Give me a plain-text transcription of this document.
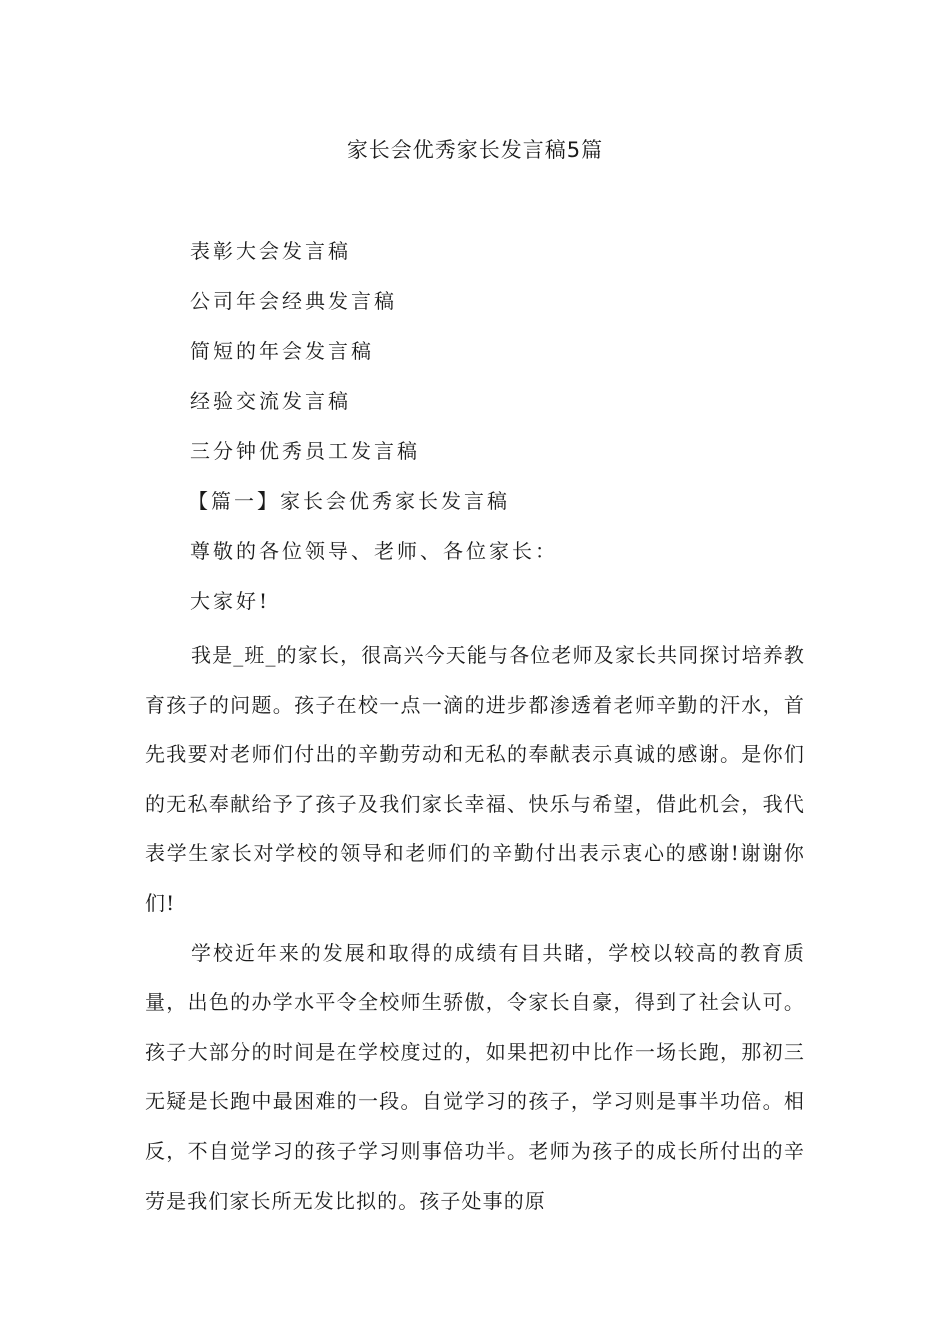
家长会优秀家长发言稿5篇
表彰大会发言稿
公司年会经典发言稿
简短的年会发言稿
经验交流发言稿
三分钟优秀员工发言稿
【篇一】家长会优秀家长发言稿
尊敬的各位领导、老师、各位家长：
大家好!

我是_班_的家长，很高兴今天能与各位老师及家长共同探讨培养教育孩子的问题。孩子在校一点一滴的进步都渗透着老师辛勤的汗水，首先我要对老师们付出的辛勤劳动和无私的奉献表示真诚的感谢。是你们的无私奉献给予了孩子及我们家长幸福、快乐与希望，借此机会，我代表学生家长对学校的领导和老师们的辛勤付出表示衷心的感谢!谢谢你们!

学校近年来的发展和取得的成绩有目共睹，学校以较高的教育质量，出色的办学水平令全校师生骄傲，令家长自豪，得到了社会认可。孩子大部分的时间是在学校度过的，如果把初中比作一场长跑，那初三无疑是长跑中最困难的一段。自觉学习的孩子，学习则是事半功倍。相反，不自觉学习的孩子学习则事倍功半。老师为孩子的成长所付出的辛劳是我们家长所无发比拟的。孩子处事的原
